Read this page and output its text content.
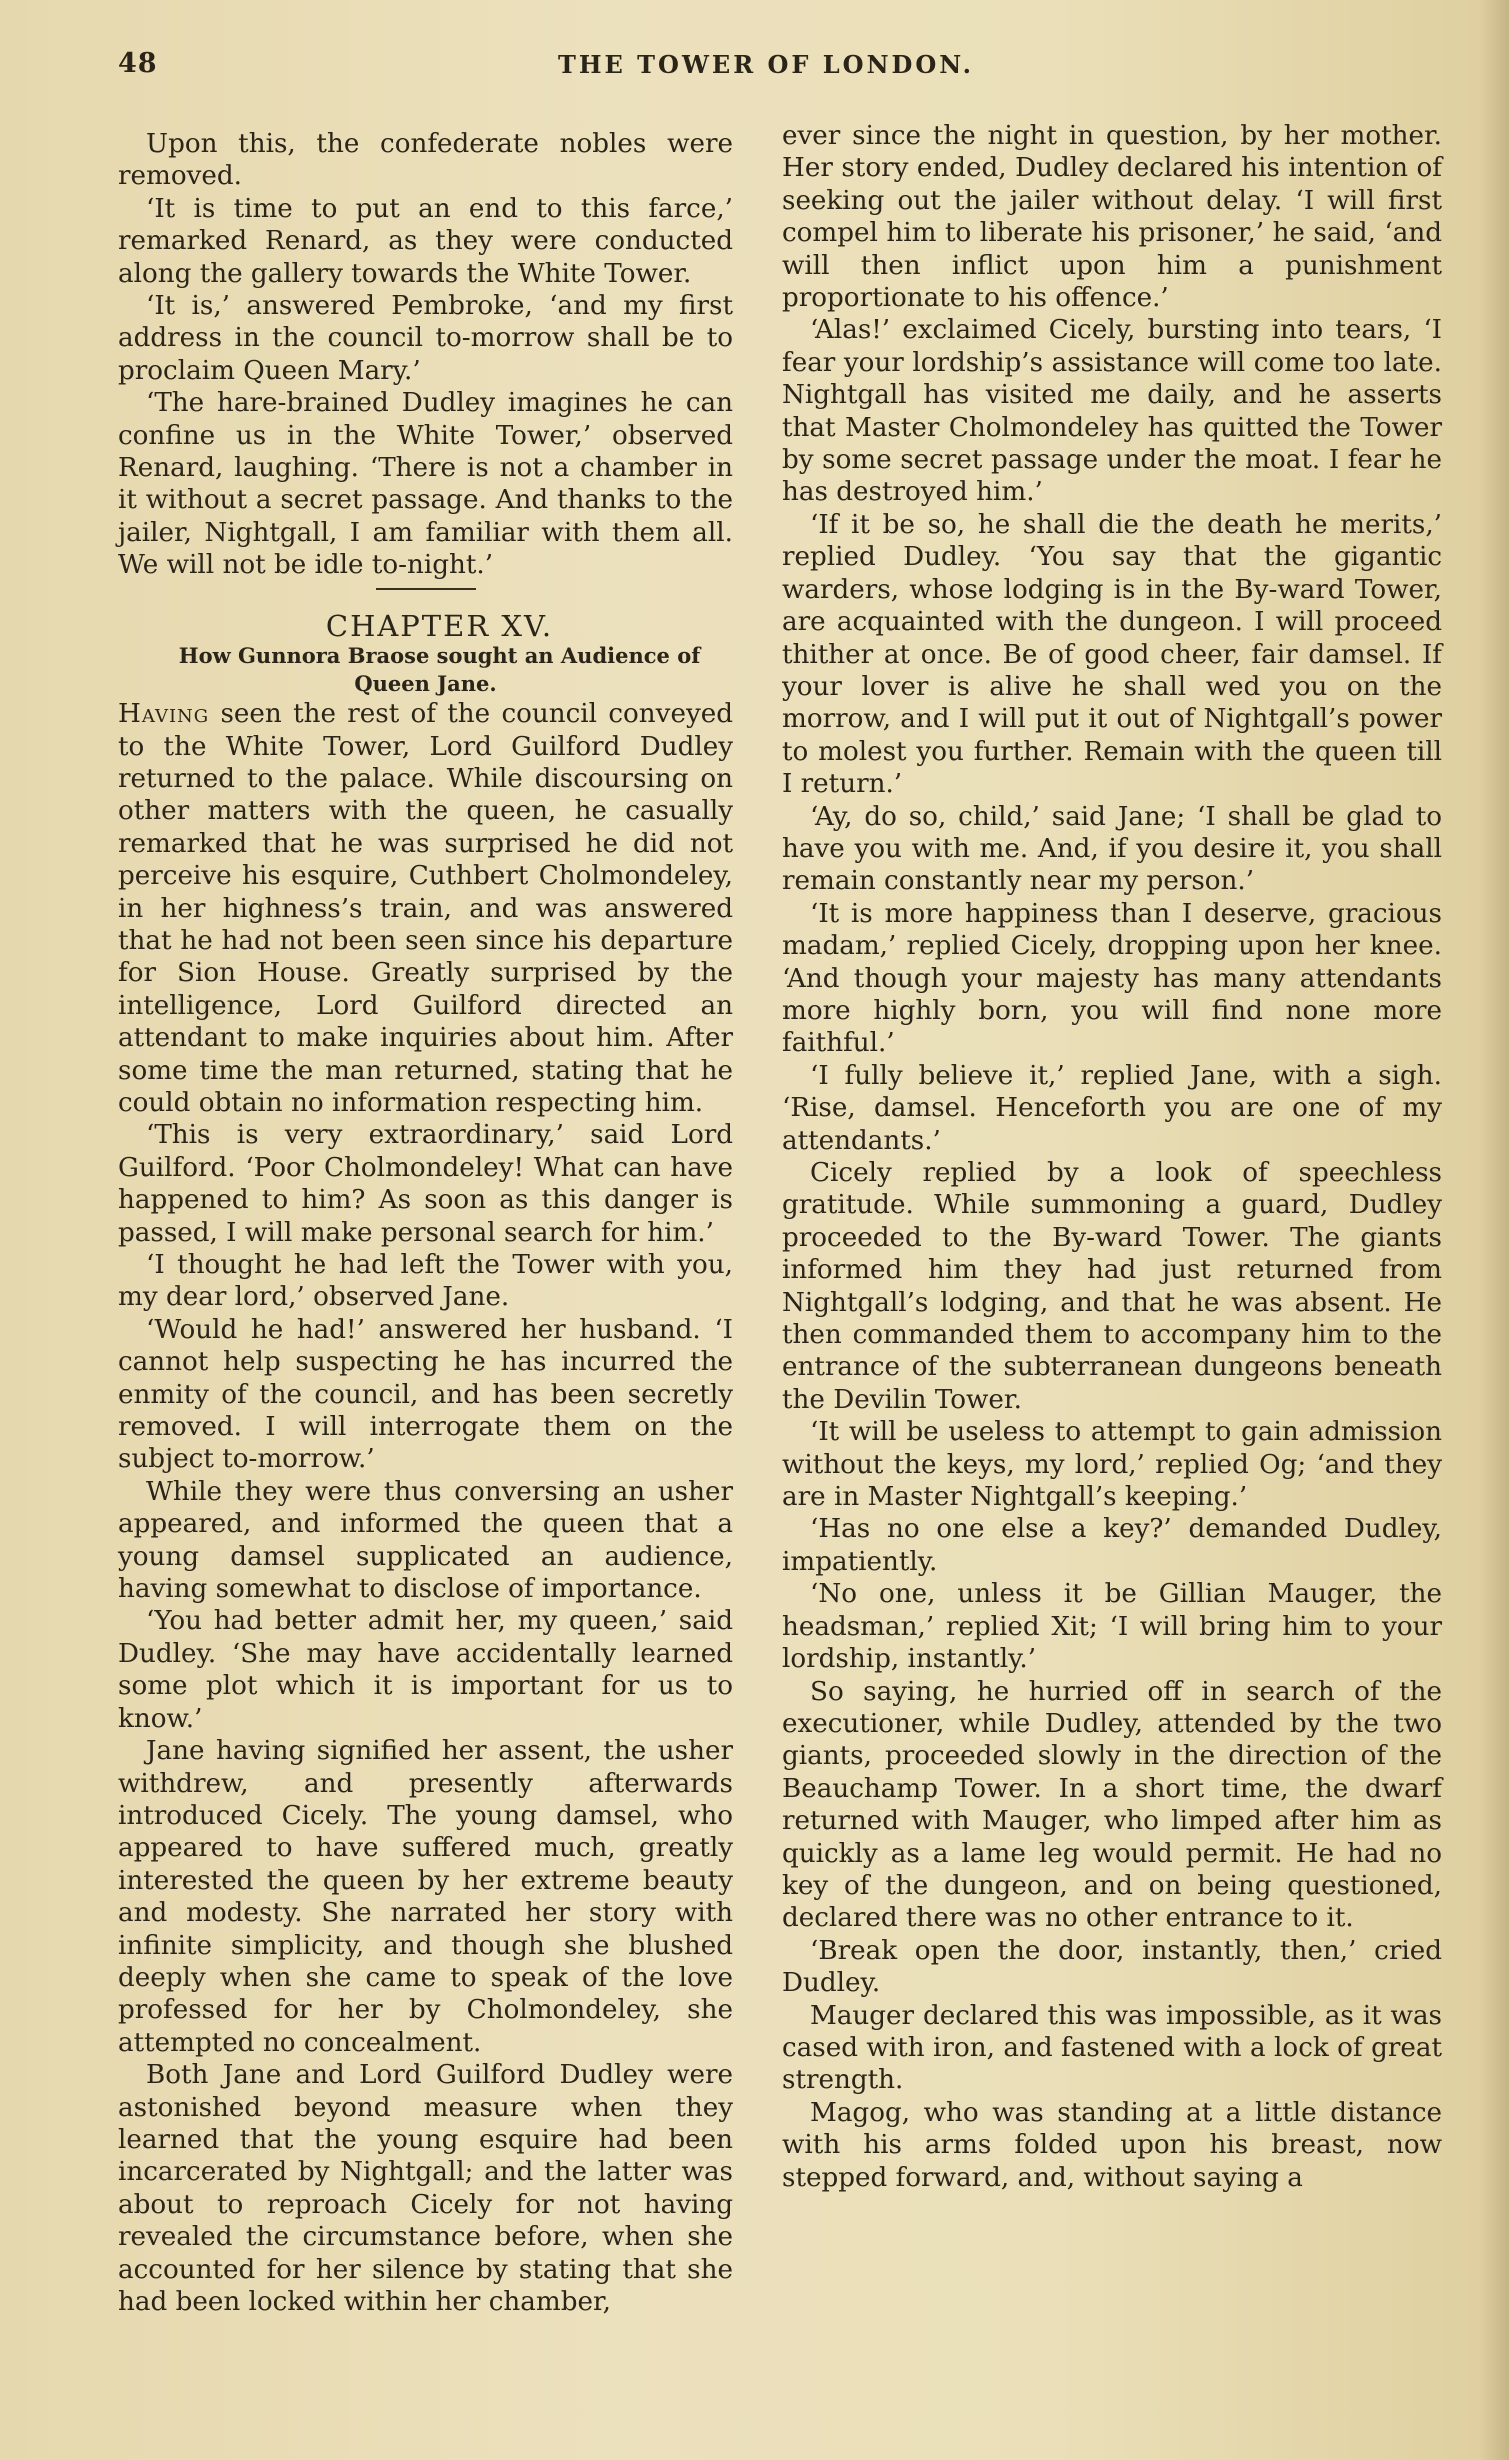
48	THE TOWER OF LONDON.

Upon this, the confederate nobles were removed.

‘It is time to put an end to this farce,’ remarked Renard, as they were conducted along the gallery towards the White Tower.

‘It is,’ answered Pembroke, ‘and my first address in the council to-morrow shall be to proclaim Queen Mary.’

‘The hare-brained Dudley imagines he can confine us in the White Tower,’ observed Renard, laughing. ‘There is not a chamber in it without a secret passage. And thanks to the jailer, Nightgall, I am familiar with them all. We will not be idle to-night.’

CHAPTER XV.

How Gunnora Braose sought an Audience of Queen Jane.

Having seen the rest of the council conveyed to the White Tower, Lord Guilford Dudley returned to the palace. While discoursing on other matters with the queen, he casually remarked that he was surprised he did not perceive his esquire, Cuthbert Cholmondeley, in her highness’s train, and was answered that he had not been seen since his departure for Sion House. Greatly surprised by the intelligence, Lord Guilford directed an attendant to make inquiries about him. After some time the man returned, stating that he could obtain no information respecting him.

‘This is very extraordinary,’ said Lord Guilford. ‘Poor Cholmondeley! What can have happened to him? As soon as this danger is passed, I will make personal search for him.’

‘I thought he had left the Tower with you, my dear lord,’ observed Jane.

‘Would he had!’ answered her husband. ‘I cannot help suspecting he has incurred the enmity of the council, and has been secretly removed. I will interrogate them on the subject to-morrow.’

While they were thus conversing an usher appeared, and informed the queen that a young damsel supplicated an audience, having somewhat to disclose of importance.

‘You had better admit her, my queen,’ said Dudley. ‘She may have accidentally learned some plot which it is important for us to know.’

Jane having signified her assent, the usher withdrew, and presently afterwards introduced Cicely. The young damsel, who appeared to have suffered much, greatly interested the queen by her extreme beauty and modesty. She narrated her story with infinite simplicity, and though she blushed deeply when she came to speak of the love professed for her by Cholmondeley, she attempted no concealment.

Both Jane and Lord Guilford Dudley were astonished beyond measure when they learned that the young esquire had been incarcerated by Nightgall; and the latter was about to reproach Cicely for not having revealed the circumstance before, when she accounted for her silence by stating that she had been locked within her chamber,

ever since the night in question, by her mother. Her story ended, Dudley declared his intention of seeking out the jailer without delay. ‘I will first compel him to liberate his prisoner,’ he said, ‘and will then inflict upon him a punishment proportionate to his offence.’

‘Alas!’ exclaimed Cicely, bursting into tears, ‘I fear your lordship’s assistance will come too late. Nightgall has visited me daily, and he asserts that Master Cholmondeley has quitted the Tower by some secret passage under the moat. I fear he has destroyed him.’

‘If it be so, he shall die the death he merits,’ replied Dudley. ‘You say that the gigantic warders, whose lodging is in the By-ward Tower, are acquainted with the dungeon. I will proceed thither at once. Be of good cheer, fair damsel. If your lover is alive he shall wed you on the morrow, and I will put it out of Nightgall’s power to molest you further. Remain with the queen till I return.’

‘Ay, do so, child,’ said Jane; ‘I shall be glad to have you with me. And, if you desire it, you shall remain constantly near my person.’

‘It is more happiness than I deserve, gracious madam,’ replied Cicely, dropping upon her knee. ‘And though your majesty has many attendants more highly born, you will find none more faithful.’

‘I fully believe it,’ replied Jane, with a sigh. ‘Rise, damsel. Henceforth you are one of my attendants.’

Cicely replied by a look of speechless gratitude. While summoning a guard, Dudley proceeded to the By-ward Tower. The giants informed him they had just returned from Nightgall’s lodging, and that he was absent. He then commanded them to accompany him to the entrance of the subterranean dungeons beneath the Devilin Tower.

‘It will be useless to attempt to gain admission without the keys, my lord,’ replied Og; ‘and they are in Master Nightgall’s keeping.’

‘Has no one else a key?’ demanded Dudley, impatiently.

‘No one, unless it be Gillian Mauger, the headsman,’ replied Xit; ‘I will bring him to your lordship, instantly.’

So saying, he hurried off in search of the executioner, while Dudley, attended by the two giants, proceeded slowly in the direction of the Beauchamp Tower. In a short time, the dwarf returned with Mauger, who limped after him as quickly as a lame leg would permit. He had no key of the dungeon, and on being questioned, declared there was no other entrance to it.

‘Break open the door, instantly, then,’ cried Dudley.

Mauger declared this was impossible, as it was cased with iron, and fastened with a lock of great strength.

Magog, who was standing at a little distance with his arms folded upon his breast, now stepped forward, and, without saying a
